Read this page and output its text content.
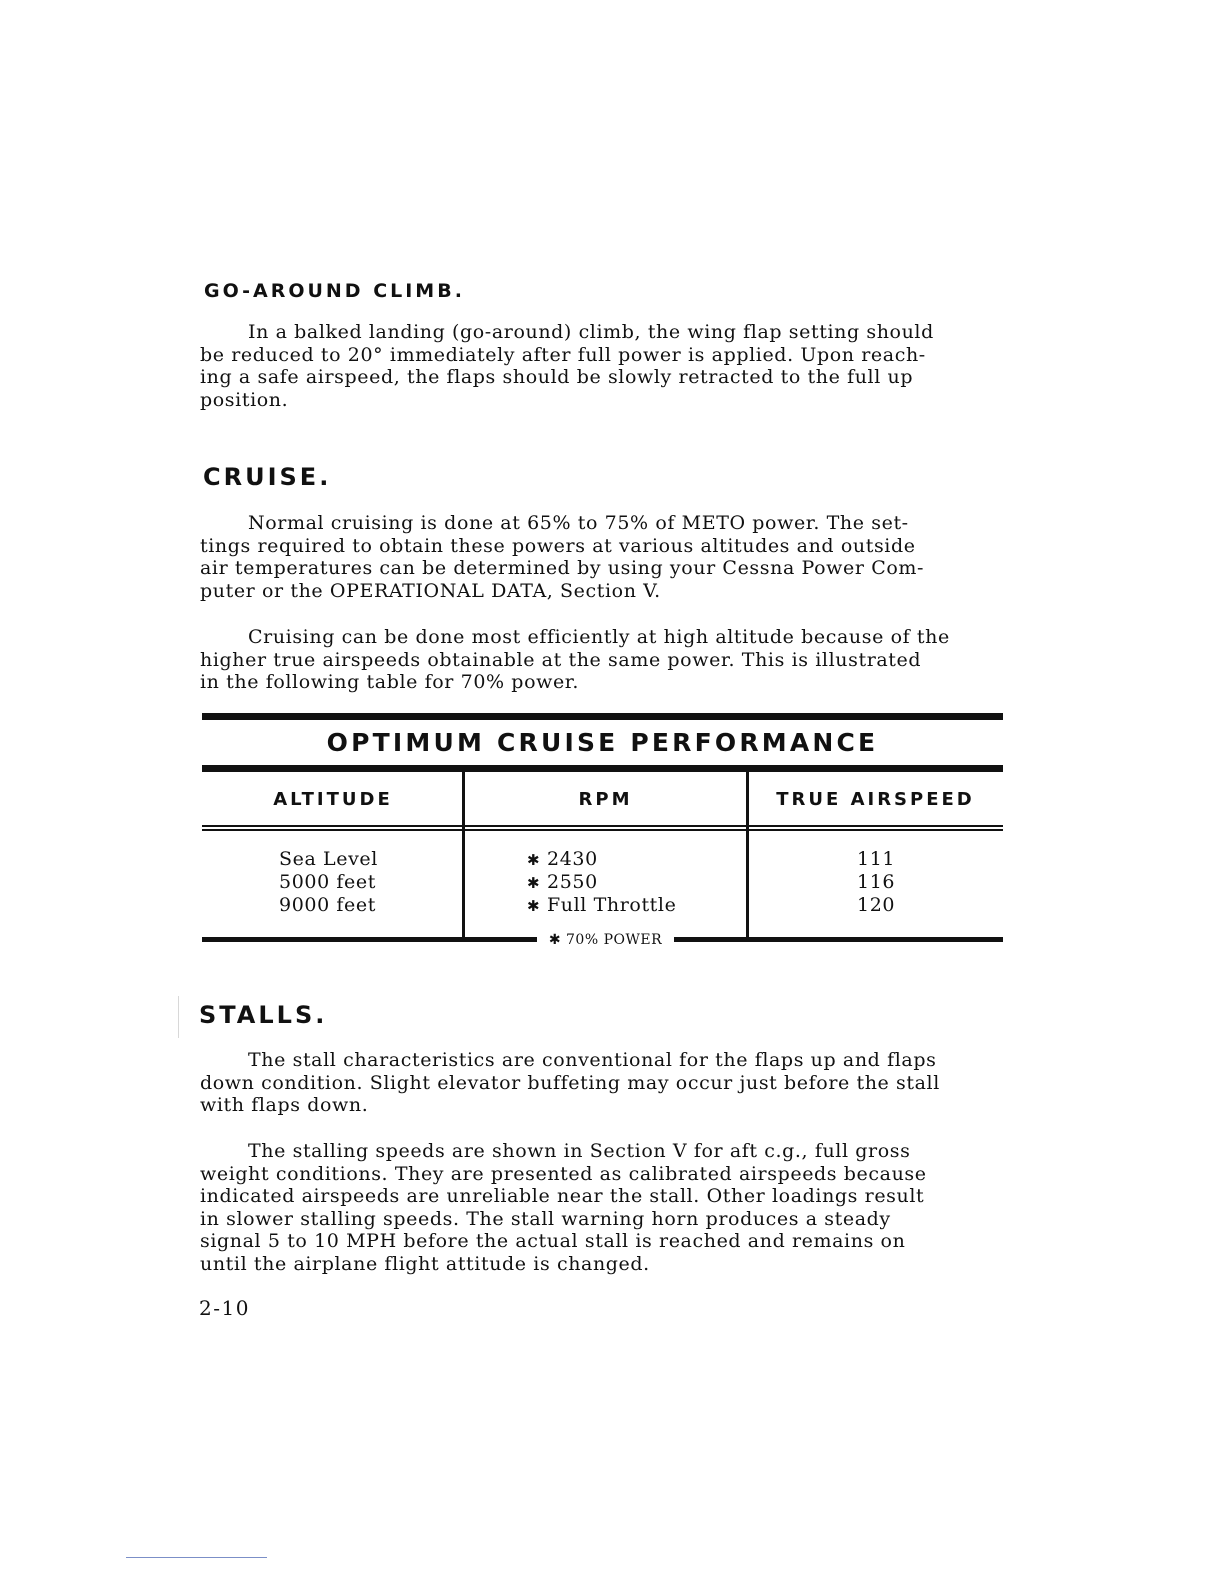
GO-AROUND CLIMB.

In a balked landing (go-around) climb, the wing flap setting should
be reduced to 20° immediately after full power is applied. Upon reach-
ing a safe airspeed, the flaps should be slowly retracted to the full up
position.

CRUISE.

Normal cruising is done at 65% to 75% of METO power. The set-
tings required to obtain these powers at various altitudes and outside
air temperatures can be determined by using your Cessna Power Com-
puter or the OPERATIONAL DATA, Section V.

Cruising can be done most efficiently at high altitude because of the
higher true airspeeds obtainable at the same power. This is illustrated
in the following table for 70% power.

OPTIMUM CRUISE PERFORMANCE
ALTITUDE	RPM	TRUE AIRSPEED
Sea Level	✱ 2430	111
5000 feet	✱ 2550	116
9000 feet	✱ Full Throttle	120
✱ 70% POWER
STALLS.

The stall characteristics are conventional for the flaps up and flaps
down condition. Slight elevator buffeting may occur just before the stall
with flaps down.

The stalling speeds are shown in Section V for aft c.g., full gross
weight conditions. They are presented as calibrated airspeeds because
indicated airspeeds are unreliable near the stall. Other loadings result
in slower stalling speeds. The stall warning horn produces a steady
signal 5 to 10 MPH before the actual stall is reached and remains on
until the airplane flight attitude is changed.

2-10
